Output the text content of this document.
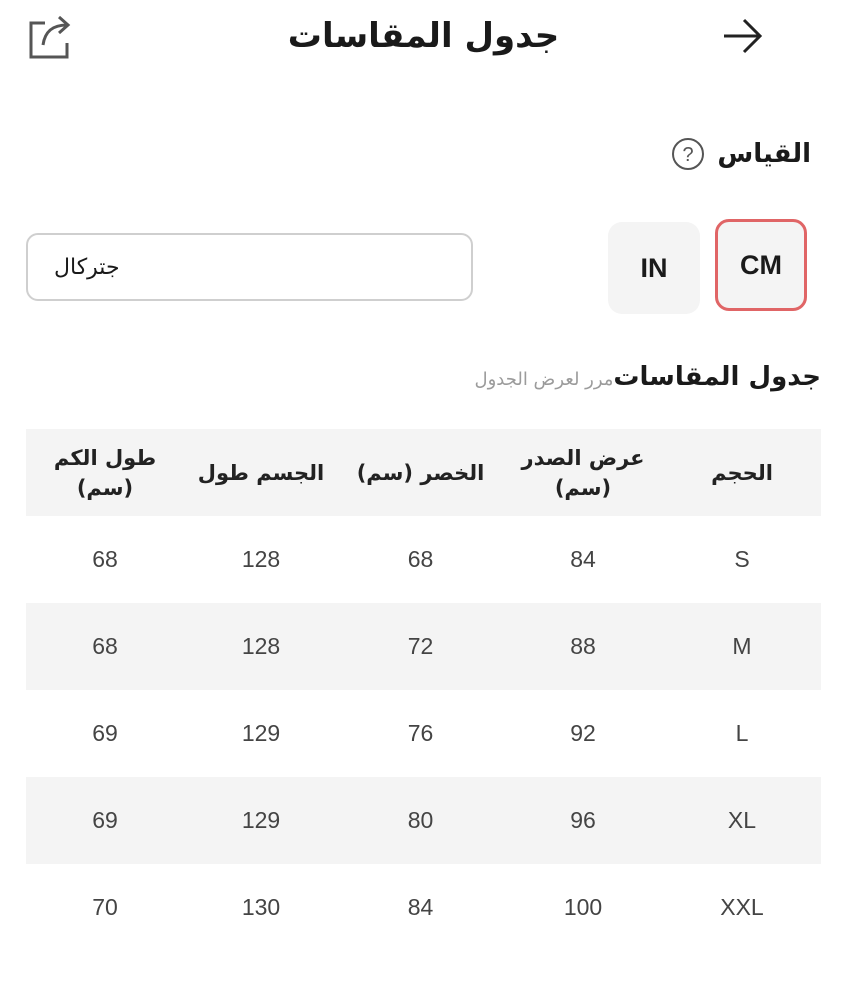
جدول المقاسات
القياس
?
CM
IN
جتركال
جدول المقاسات
مرر لعرض الجدول
الحجم
عرض الصدر (سم)
الخصر (سم)
الجسم طول
طول الكم (سم)
S
84
68
128
68
M
88
72
128
68
L
92
76
129
69
XL
96
80
129
69
XXL
100
84
130
70
